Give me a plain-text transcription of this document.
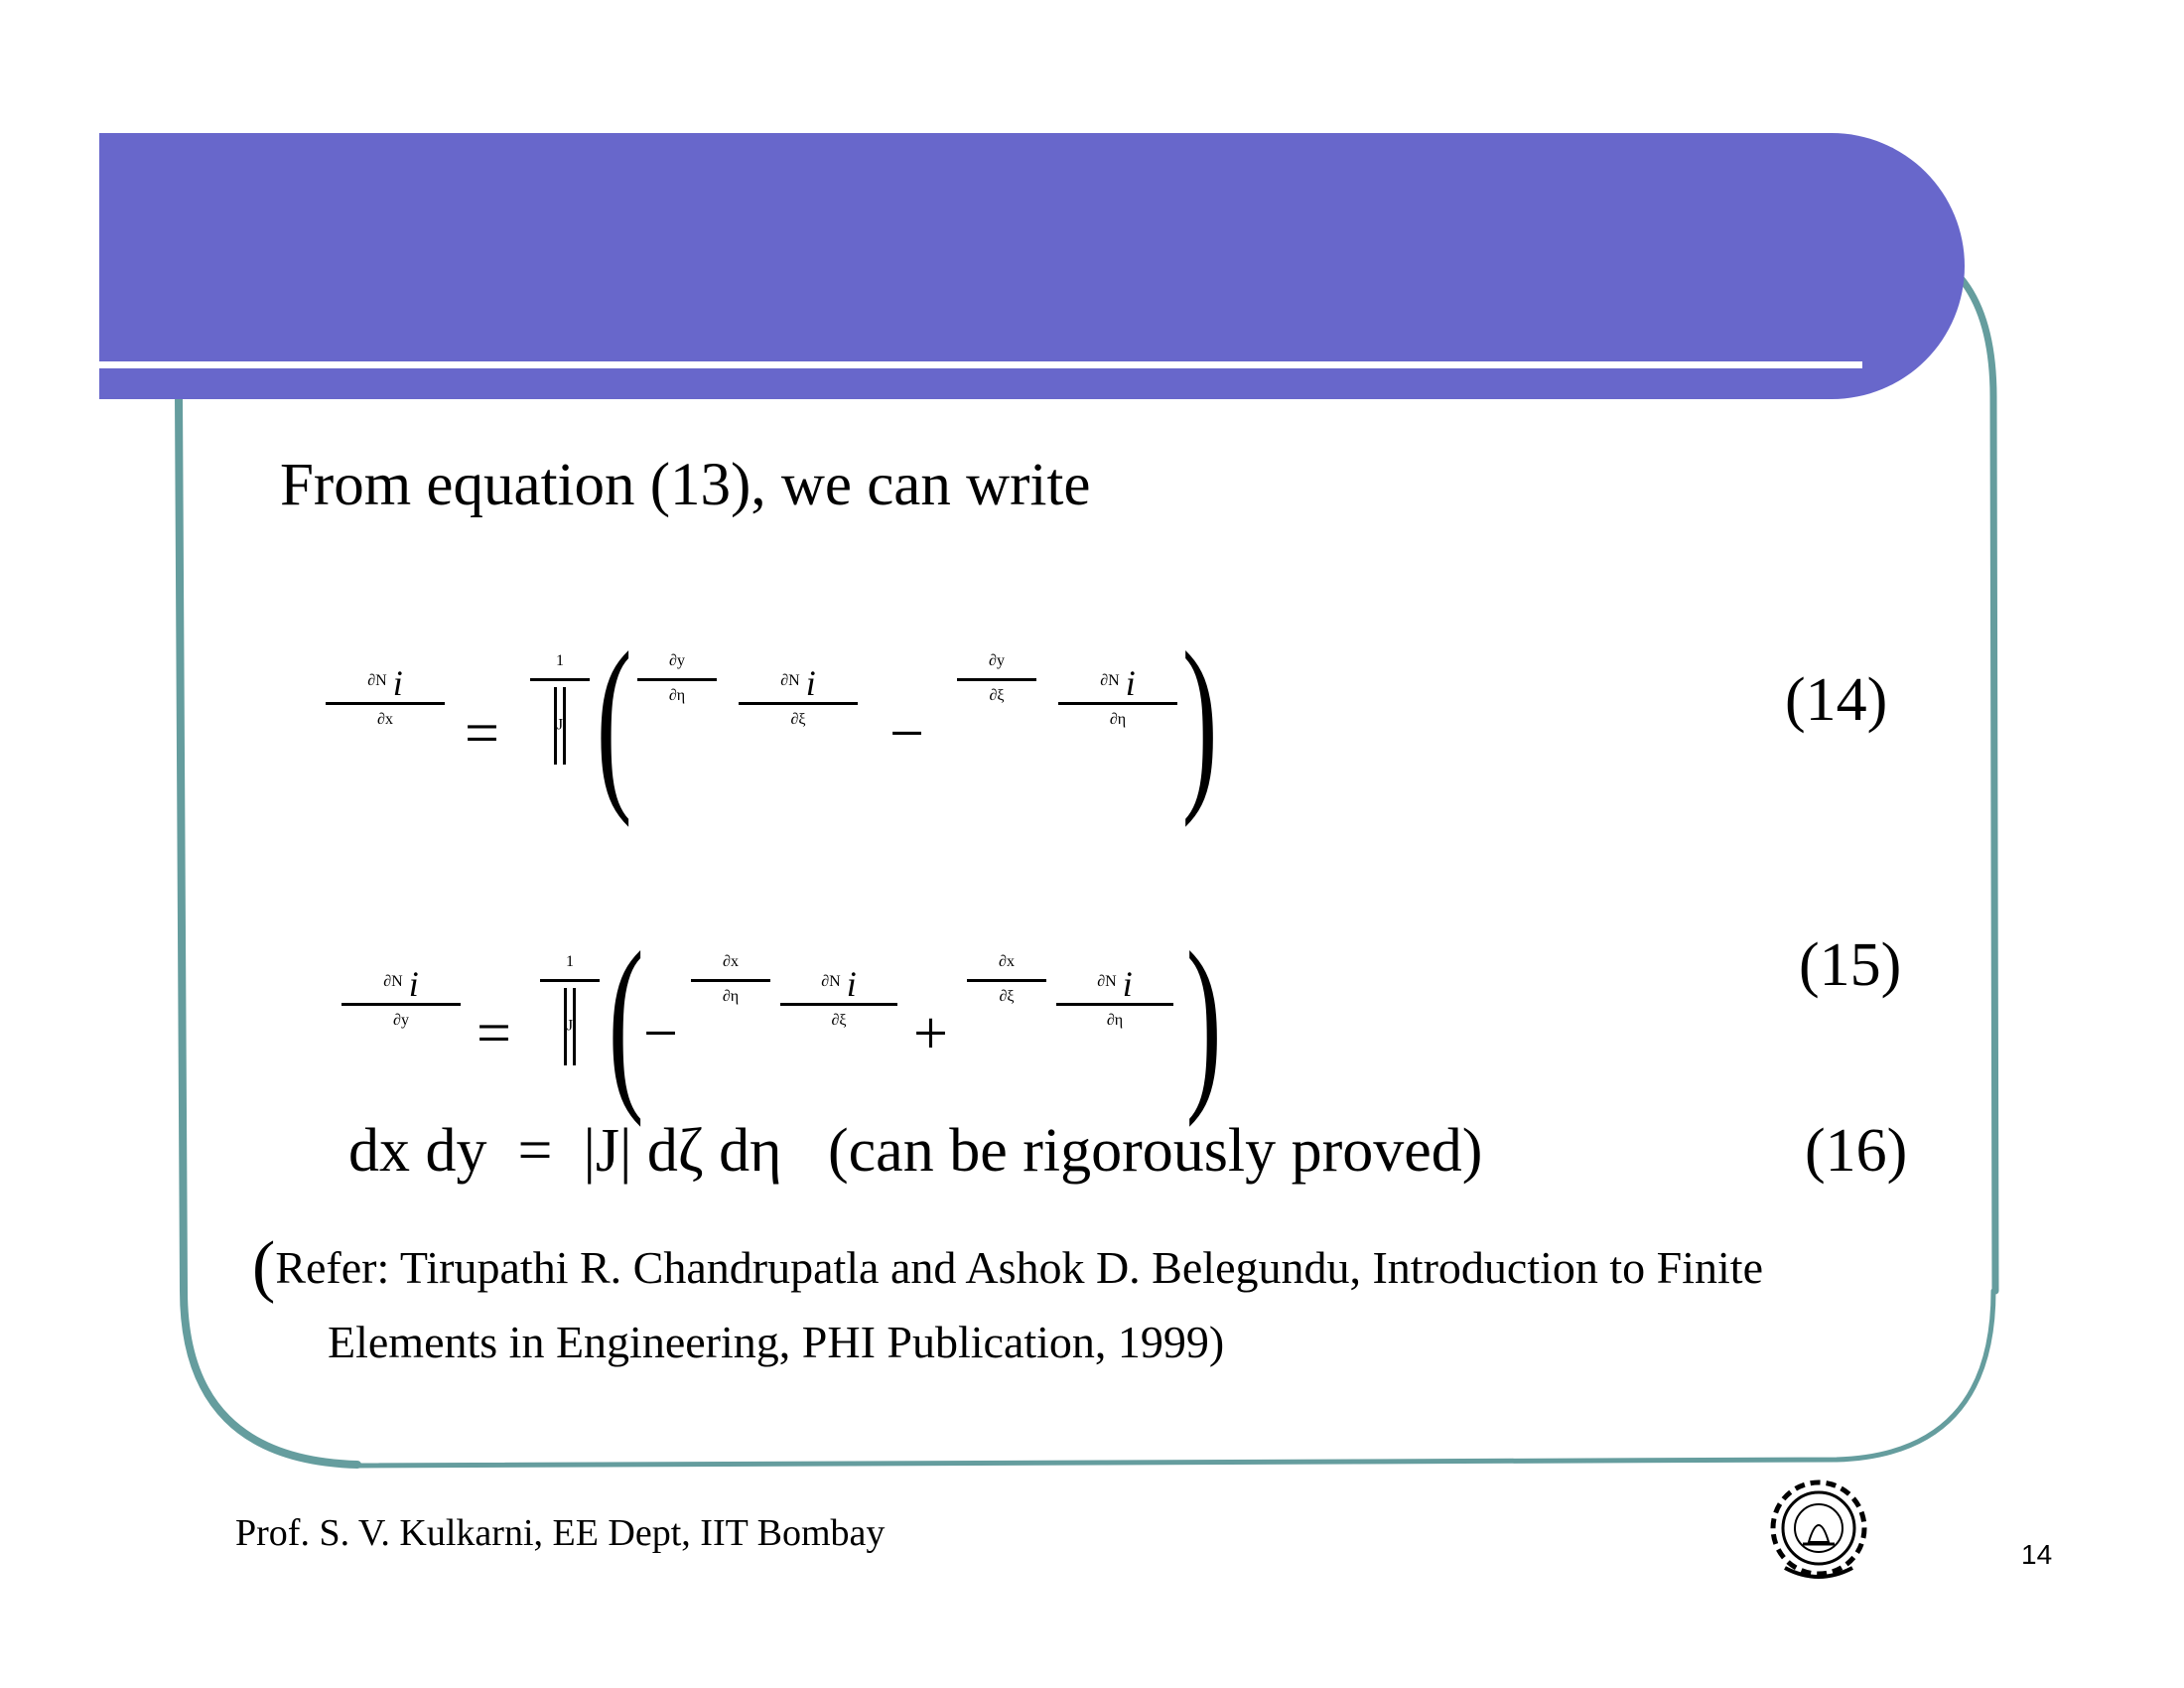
From equation (13), we can write
∂N i
∂x	=
1
J (	∂y
∂η
∂N i
∂ξ	−
∂y
∂ξ
∂N i
∂η )	(14)
∂N i
∂y	=
1
J ( −
∂x
∂η
∂N i
∂ξ	+
∂x
∂ξ
∂N i
∂η )	(15)
dx dy  =  |J| dζ dη   (can be rigorously proved)	(16)
(Refer: Tirupathi R. Chandrupatla and Ashok D. Belegundu, Introduction to Finite
Elements in Engineering, PHI Publication, 1999)
Prof. S. V. Kulkarni, EE Dept, IIT Bombay
14
